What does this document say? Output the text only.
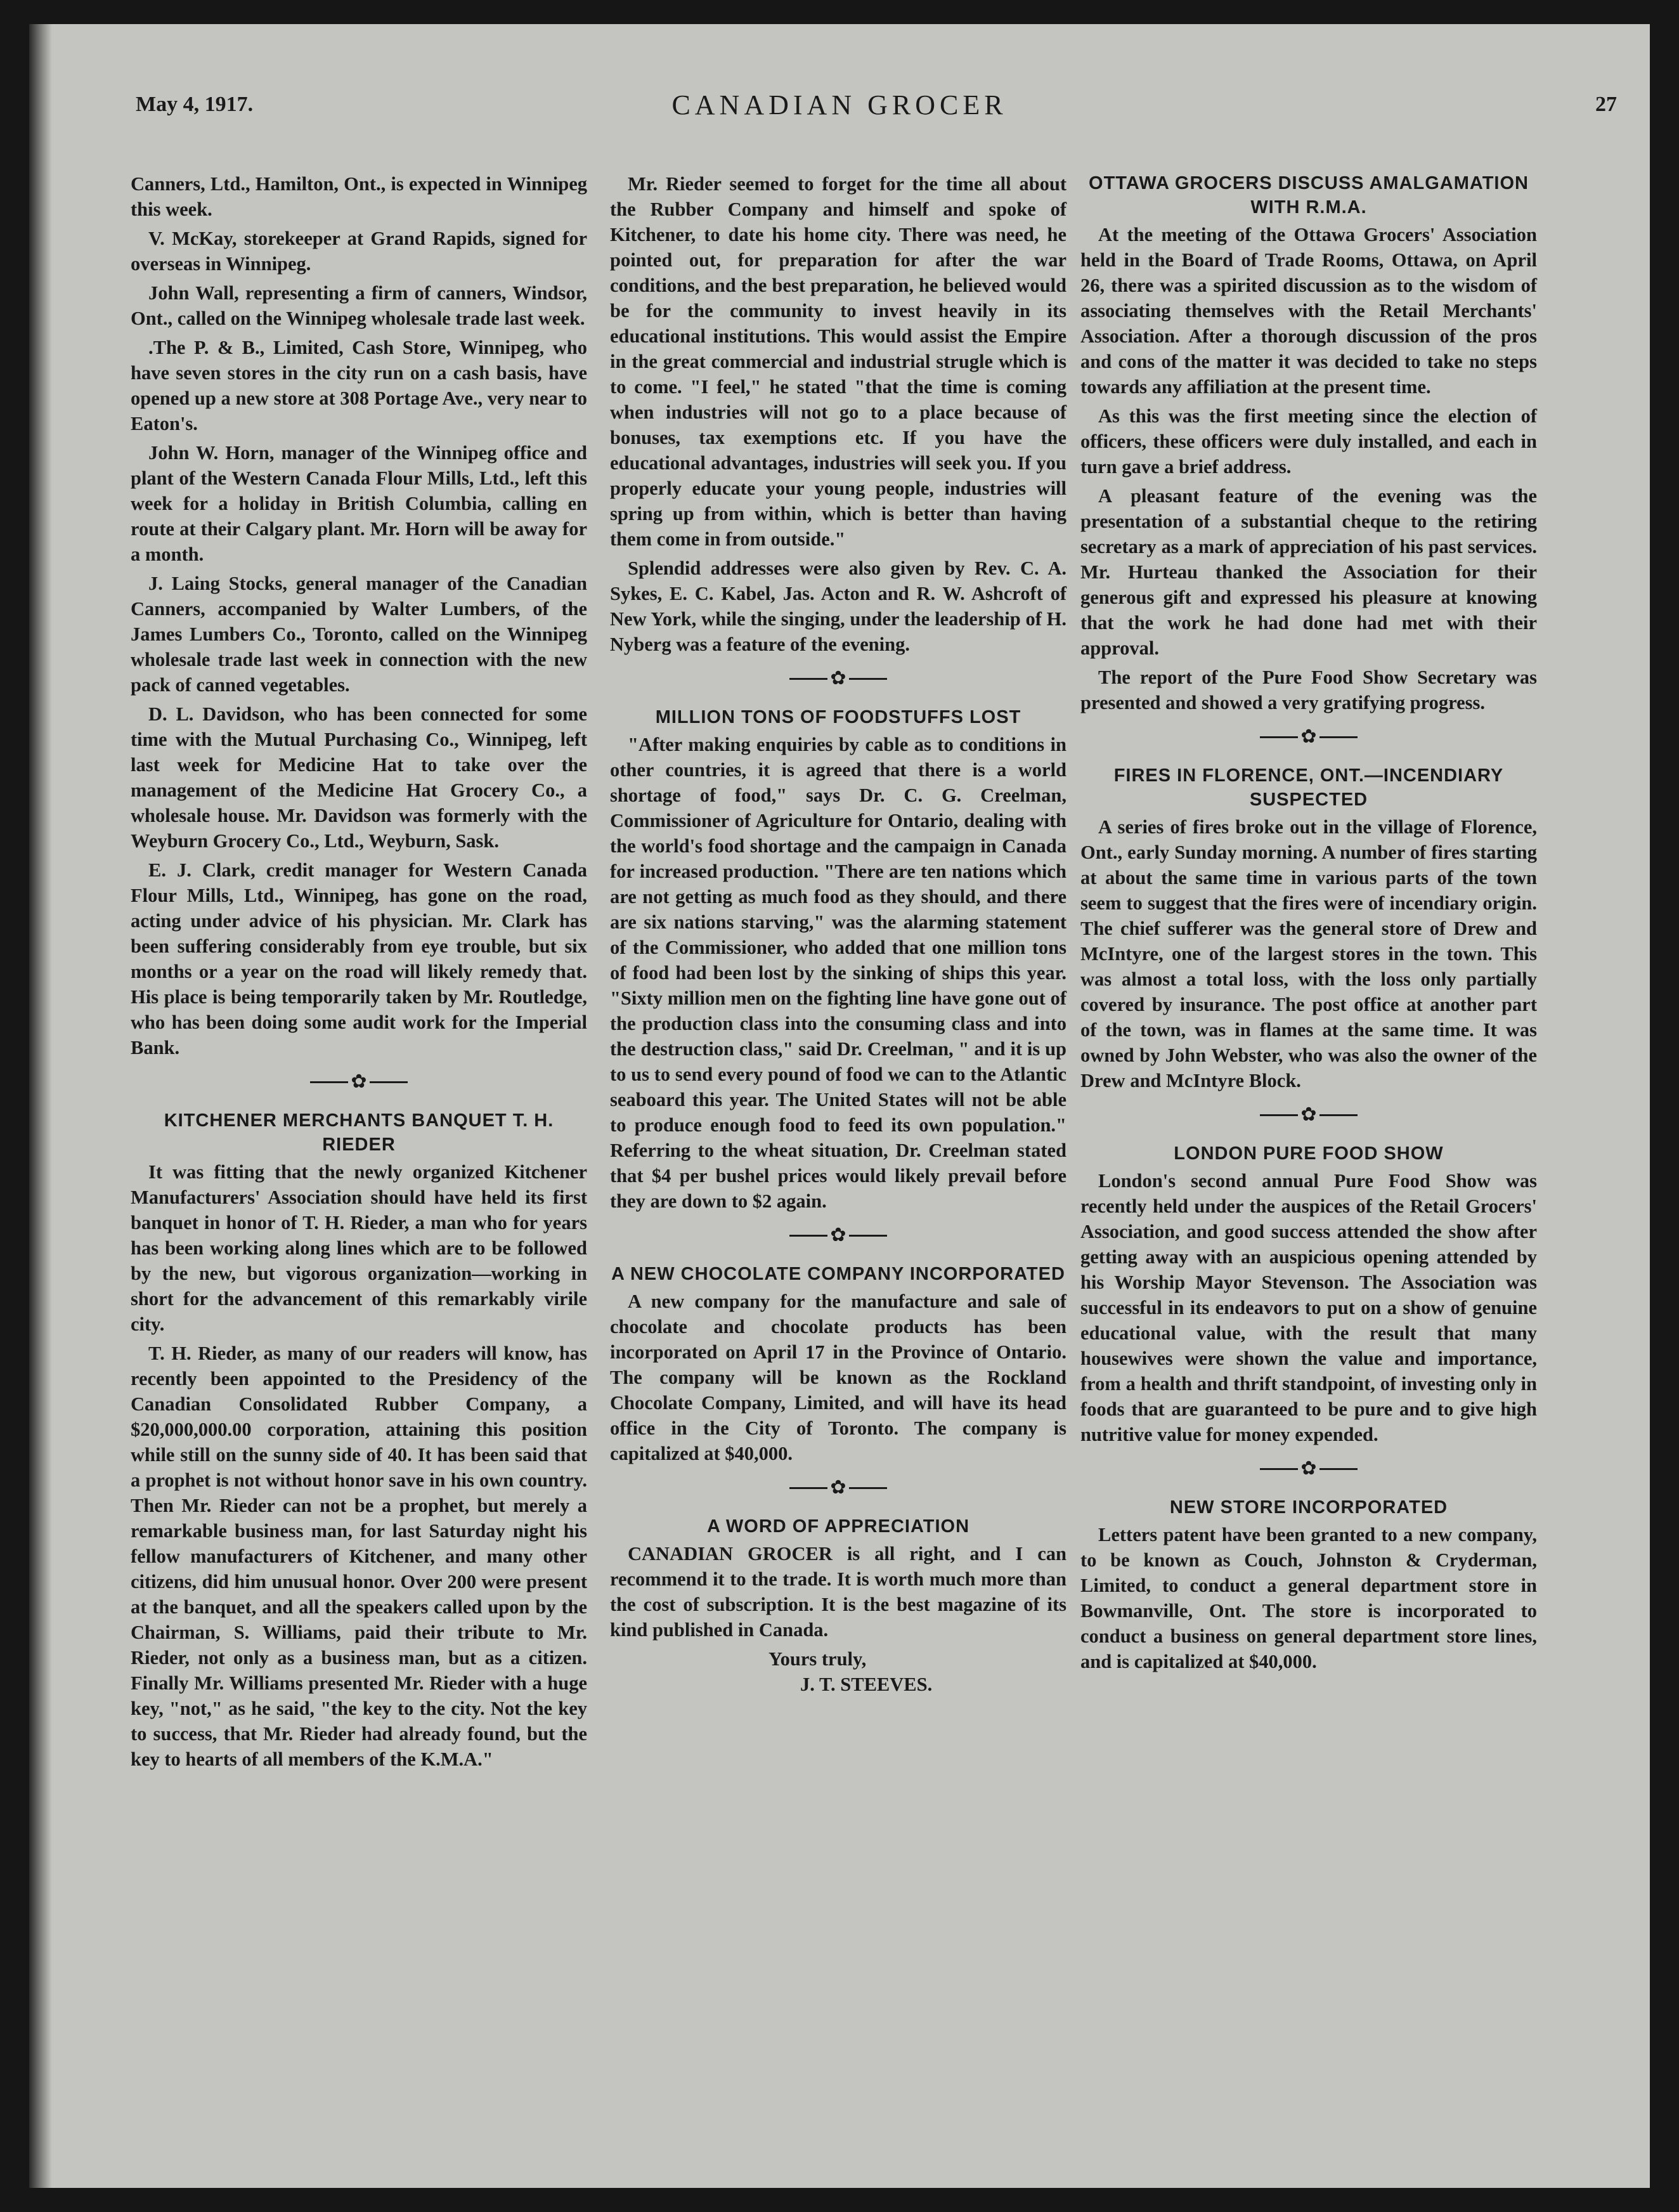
May 4, 1917.	CANADIAN GROCER	27

Canners, Ltd., Hamilton, Ont., is expected in Winnipeg this week.

V. McKay, storekeeper at Grand Rapids, signed for overseas in Winnipeg.

John Wall, representing a firm of canners, Windsor, Ont., called on the Winnipeg wholesale trade last week.

.The P. & B., Limited, Cash Store, Winnipeg, who have seven stores in the city run on a cash basis, have opened up a new store at 308 Portage Ave., very near to Eaton's.

John W. Horn, manager of the Winnipeg office and plant of the Western Canada Flour Mills, Ltd., left this week for a holiday in British Columbia, calling en route at their Calgary plant. Mr. Horn will be away for a month.

J. Laing Stocks, general manager of the Canadian Canners, accompanied by Walter Lumbers, of the James Lumbers Co., Toronto, called on the Winnipeg wholesale trade last week in connection with the new pack of canned vegetables.

D. L. Davidson, who has been connected for some time with the Mutual Purchasing Co., Winnipeg, left last week for Medicine Hat to take over the management of the Medicine Hat Grocery Co., a wholesale house. Mr. Davidson was formerly with the Weyburn Grocery Co., Ltd., Weyburn, Sask.

E. J. Clark, credit manager for Western Canada Flour Mills, Ltd., Winnipeg, has gone on the road, acting under advice of his physician. Mr. Clark has been suffering considerably from eye trouble, but six months or a year on the road will likely remedy that. His place is being temporarily taken by Mr. Routledge, who has been doing some audit work for the Imperial Bank.

✿
KITCHENER MERCHANTS BANQUET T. H. RIEDER

It was fitting that the newly organized Kitchener Manufacturers' Association should have held its first banquet in honor of T. H. Rieder, a man who for years has been working along lines which are to be followed by the new, but vigorous organization—working in short for the advancement of this remarkably virile city.

T. H. Rieder, as many of our readers will know, has recently been appointed to the Presidency of the Canadian Consolidated Rubber Company, a $20,000,000.00 corporation, attaining this position while still on the sunny side of 40. It has been said that a prophet is not without honor save in his own country. Then Mr. Rieder can not be a prophet, but merely a remarkable business man, for last Saturday night his fellow manufacturers of Kitchener, and many other citizens, did him unusual honor. Over 200 were present at the banquet, and all the speakers called upon by the Chairman, S. Williams, paid their tribute to Mr. Rieder, not only as a business man, but as a citizen. Finally Mr. Williams presented Mr. Rieder with a huge key, "not," as he said, "the key to the city. Not the key to success, that Mr. Rieder had already found, but the key to hearts of all members of the K.M.A."

Mr. Rieder seemed to forget for the time all about the Rubber Company and himself and spoke of Kitchener, to date his home city. There was need, he pointed out, for preparation for after the war conditions, and the best preparation, he believed would be for the community to invest heavily in its educational institutions. This would assist the Empire in the great commercial and industrial strugle which is to come. "I feel," he stated "that the time is coming when industries will not go to a place because of bonuses, tax exemptions etc. If you have the educational advantages, industries will seek you. If you properly educate your young people, industries will spring up from within, which is better than having them come in from outside."

Splendid addresses were also given by Rev. C. A. Sykes, E. C. Kabel, Jas. Acton and R. W. Ashcroft of New York, while the singing, under the leadership of H. Nyberg was a feature of the evening.

✿
MILLION TONS OF FOODSTUFFS LOST

"After making enquiries by cable as to conditions in other countries, it is agreed that there is a world shortage of food," says Dr. C. G. Creelman, Commissioner of Agriculture for Ontario, dealing with the world's food shortage and the campaign in Canada for increased production. "There are ten nations which are not getting as much food as they should, and there are six nations starving," was the alarming statement of the Commissioner, who added that one million tons of food had been lost by the sinking of ships this year. "Sixty million men on the fighting line have gone out of the production class into the consuming class and into the destruction class," said Dr. Creelman, " and it is up to us to send every pound of food we can to the Atlantic seaboard this year. The United States will not be able to produce enough food to feed its own population." Referring to the wheat situation, Dr. Creelman stated that $4 per bushel prices would likely prevail before they are down to $2 again.

✿
A NEW CHOCOLATE COMPANY INCORPORATED

A new company for the manufacture and sale of chocolate and chocolate products has been incorporated on April 17 in the Province of Ontario. The company will be known as the Rockland Chocolate Company, Limited, and will have its head office in the City of Toronto. The company is capitalized at $40,000.

✿
A WORD OF APPRECIATION

CANADIAN GROCER is all right, and I can recommend it to the trade. It is worth much more than the cost of subscription. It is the best magazine of its kind published in Canada.

Yours truly,
J. T. STEEVES.
OTTAWA GROCERS DISCUSS AMALGAMATION WITH R.M.A.

At the meeting of the Ottawa Grocers' Association held in the Board of Trade Rooms, Ottawa, on April 26, there was a spirited discussion as to the wisdom of associating themselves with the Retail Merchants' Association. After a thorough discussion of the pros and cons of the matter it was decided to take no steps towards any affiliation at the present time.

As this was the first meeting since the election of officers, these officers were duly installed, and each in turn gave a brief address.

A pleasant feature of the evening was the presentation of a substantial cheque to the retiring secretary as a mark of appreciation of his past services. Mr. Hurteau thanked the Association for their generous gift and expressed his pleasure at knowing that the work he had done had met with their approval.

The report of the Pure Food Show Secretary was presented and showed a very gratifying progress.

✿
FIRES IN FLORENCE, ONT.—INCENDIARY SUSPECTED

A series of fires broke out in the village of Florence, Ont., early Sunday morning. A number of fires starting at about the same time in various parts of the town seem to suggest that the fires were of incendiary origin. The chief sufferer was the general store of Drew and McIntyre, one of the largest stores in the town. This was almost a total loss, with the loss only partially covered by insurance. The post office at another part of the town, was in flames at the same time. It was owned by John Webster, who was also the owner of the Drew and McIntyre Block.

✿
LONDON PURE FOOD SHOW

London's second annual Pure Food Show was recently held under the auspices of the Retail Grocers' Association, and good success attended the show after getting away with an auspicious opening attended by his Worship Mayor Stevenson. The Association was successful in its endeavors to put on a show of genuine educational value, with the result that many housewives were shown the value and importance, from a health and thrift standpoint, of investing only in foods that are guaranteed to be pure and to give high nutritive value for money expended.

✿
NEW STORE INCORPORATED

Letters patent have been granted to a new company, to be known as Couch, Johnston & Cryderman, Limited, to conduct a general department store in Bowmanville, Ont. The store is incorporated to conduct a business on general department store lines, and is capitalized at $40,000.
